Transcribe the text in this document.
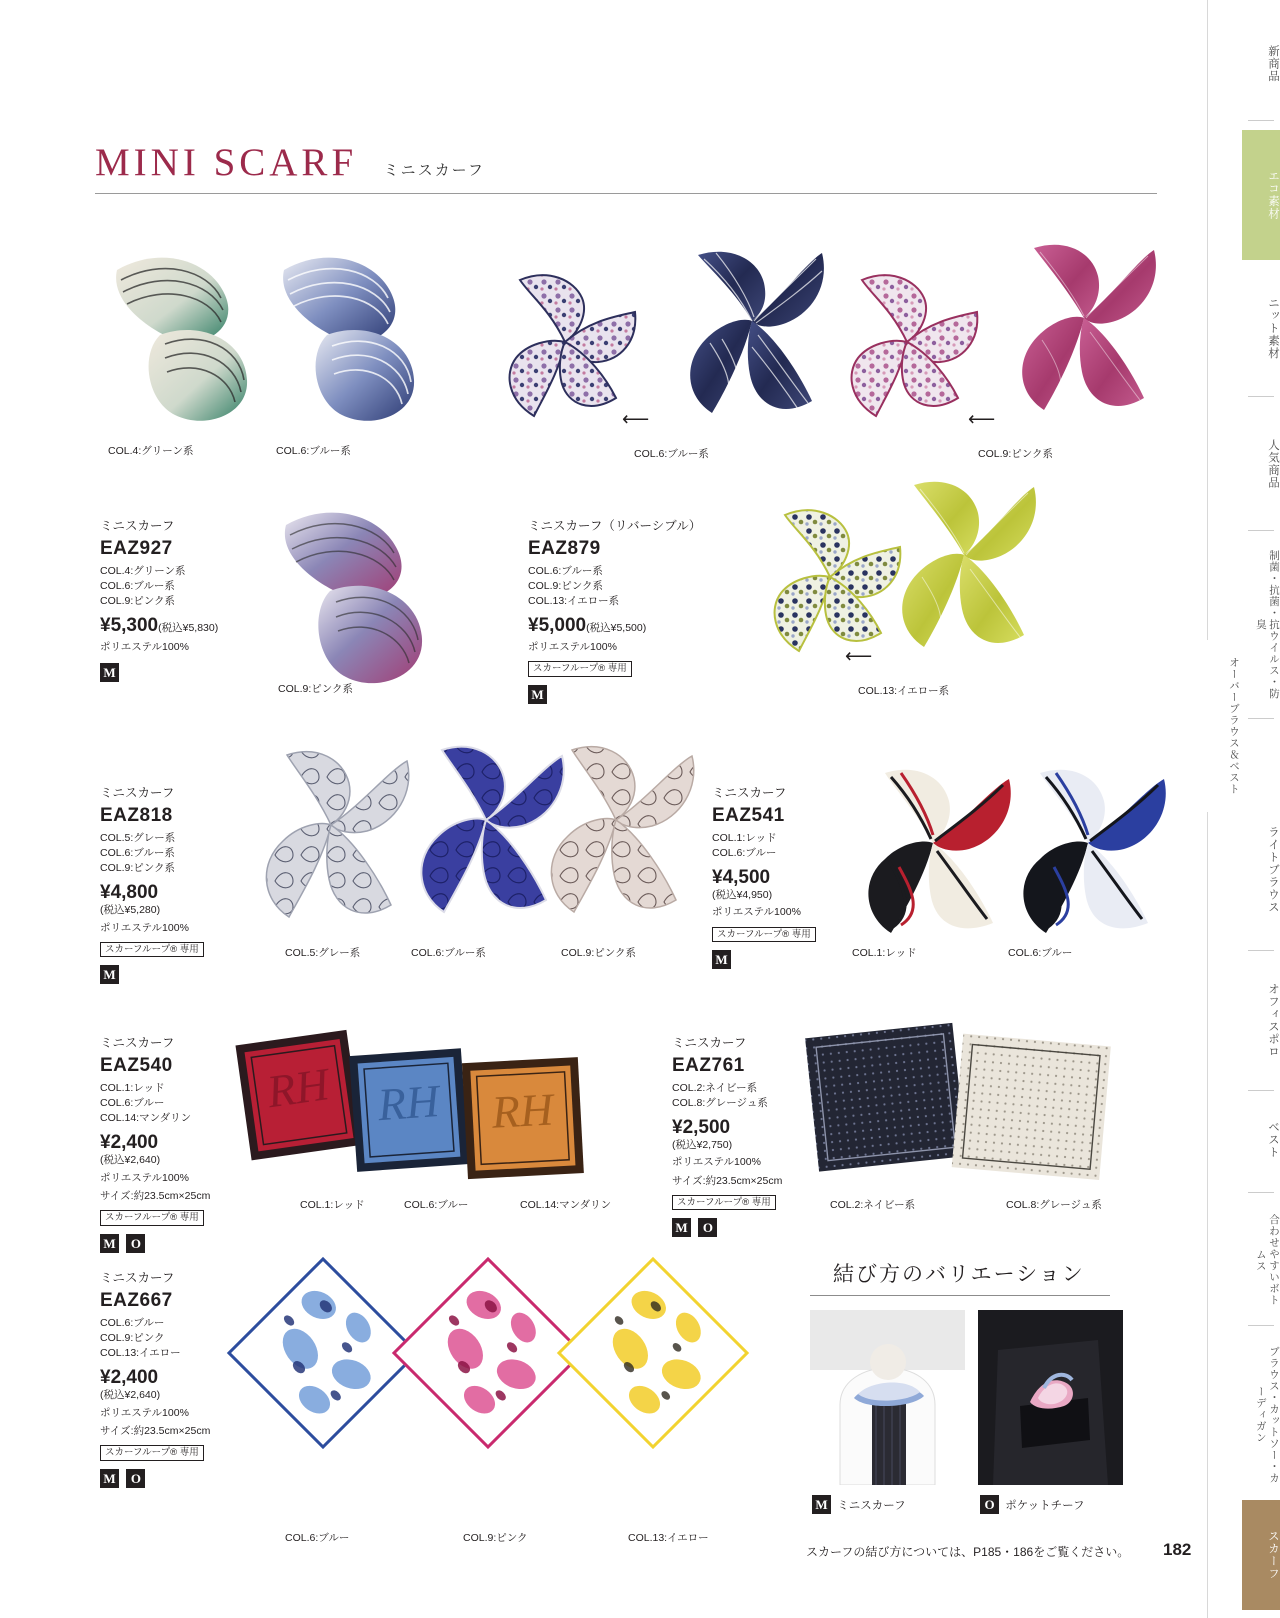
MINI SCARF ミニスカーフ
COL.4:グリーン系	COL.6:ブルー系
⟵
COL.6:ブルー系
⟵
COL.9:ピンク系
ミニスカーフ
EAZ927
COL.4:グリーン系
COL.6:ブルー系
COL.9:ピンク系
¥5,300(税込¥5,830)
ポリエステル100%
M
COL.9:ピンク系
ミニスカーフ（リバーシブル）
EAZ879
COL.6:ブルー系
COL.9:ピンク系
COL.13:イエロー系
¥5,000(税込¥5,500)
ポリエステル100%
スカーフループ® 専用
M
⟵
COL.13:イエロー系
ミニスカーフ
EAZ818
COL.5:グレー系
COL.6:ブルー系
COL.9:ピンク系
¥4,800
(税込¥5,280)
ポリエステル100%
スカーフループ® 専用
M
COL.5:グレー系	COL.6:ブルー系	COL.9:ピンク系
ミニスカーフ
EAZ541
COL.1:レッド
COL.6:ブルー
¥4,500
(税込¥4,950)
ポリエステル100%
スカーフループ® 専用
M	COL.1:レッド	COL.6:ブルー
ミニスカーフ
EAZ540
COL.1:レッド
COL.6:ブルー
COL.14:マンダリン
¥2,400
(税込¥2,640)
ポリエステル100%
サイズ:約23.5cm×25cm
スカーフループ® 専用
M O
RH
COL.1:レッド
RH
COL.6:ブルー
RH
COL.14:マンダリン
ミニスカーフ
EAZ761
COL.2:ネイビー系
COL.8:グレージュ系
¥2,500
(税込¥2,750)
ポリエステル100%
サイズ:約23.5cm×25cm
スカーフループ® 専用
M O
COL.2:ネイビー系	COL.8:グレージュ系
ミニスカーフ
EAZ667
COL.6:ブルー
COL.9:ピンク
COL.13:イエロー
¥2,400
(税込¥2,640)
ポリエステル100%
サイズ:約23.5cm×25cm
スカーフループ® 専用
M O
COL.6:ブルー	COL.9:ピンク	COL.13:イエロー
結び方のバリエーション
M ミニスカーフ	O ポケットチーフ
スカーフの結び方については、P185・186をご覧ください。 182
新商品
エコ素材
ニット素材
人気商品
制菌・抗菌・抗ウイルス・防臭
オーバーブラウス＆ベスト
ライトブラウス
オフィスポロ
ベスト
合わせやすいボトムス
ブラウス・カットソー・カーディガン
スカーフ
